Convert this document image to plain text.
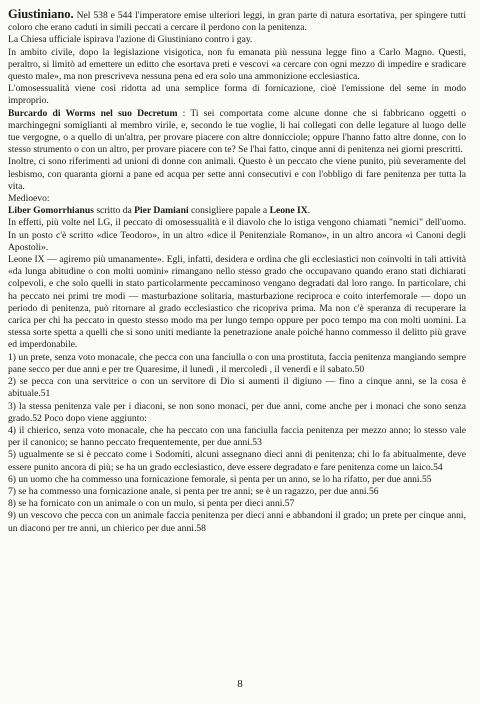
Giustiniano. Nel 538 e 544 l'imperatore emise ulteriori leggi, in gran parte di natura esortativa, per spingere tutti coloro che erano caduti in simili peccati a cercare il perdono con la penitenza.

La Chiesa ufficiale ispirava l'azione di Giustiniano contro i gay.

In ambito civile, dopo la legislazione visigotica, non fu emanata più nessuna legge fino a Carlo Magno. Questi, peraltro, si limitò ad emettere un editto che esortava preti e vescovi «a cercare con ogni mezzo di impedire e sradicare questo male», ma non prescriveva nessuna pena ed era solo una ammonizione ecclesiastica.

L'omosessualità viene così ridotta ad una semplice forma di fornicazione, cioè l'emissione del seme in modo improprio.

Burcardo di Worms nel suo Decretum : Ti sei comportata come alcune donne che si fabbricano oggetti o marchingegni somiglianti al membro virile, e, secondo le tue voglie, li hai collegati con delle legature al luogo delle tue vergogne, o a quello di un'altra, per provare piacere con altre donnicciole; oppure l'hanno fatto altre donne, con lo stesso strumento o con un altro, per provare piacere con te? Se l'hai fatto, cinque anni di penitenza nei giorni prescritti.

Inoltre, ci sono riferimenti ad unioni di donne con animali. Questo è un peccato che viene punito, più severamente del lesbismo, con quaranta giorni a pane ed acqua per sette anni consecutivi e con l'obbligo di fare penitenza per tutta la vita.

Medioevo:

Liber Gomorrhianus scritto da Pier Damiani consigliere papale a Leone IX.

In effetti, più volte nel LG, il peccato di omosessualità e il diavolo che lo istiga vengono chiamati "nemici" dell'uomo. In un posto c'è scritto «dice Teodoro», in un altro «dice il Penitenziale Romano», in un altro ancora «i Canoni degli Apostoli».

Leone IX — agiremo più umanamente». Egli, infatti, desidera e ordina che gli ecclesiastici non coinvolti in tali attività «da lunga abitudine o con molti uomini» rimangano nello stesso grado che occupavano quando erano stati dichiarati colpevoli, e che solo quelli in stato particolarmente peccaminoso vengano degradati dal loro rango. In particolare, chi ha peccato nei primi tre modi — masturbazione solitaria, masturbazione reciproca e coito interfemorale — dopo un periodo di penitenza, può ritornare al grado ecclesiastico che ricopriva prima. Ma non c'è speranza di recuperare la carica per chi ha peccato in questo stesso modo ma per lungo tempo oppure per poco tempo ma con molti uomini. La stessa sorte spetta a quelli che si sono uniti mediante la penetrazione anale poiché hanno commesso il delitto più grave ed imperdonabile.

1) un prete, senza voto monacale, che pecca con una fanciulla o con una prostituta, faccia penitenza mangiando sempre pane secco per due anni e per tre Quaresime, il lunedì , il mercoledì , il venerdì e il sabato.50

2) se pecca con una servitrice o con un servitore di Dio si aumenti il digiuno — fino a cinque anni, se la cosa è abituale.51

3) la stessa penitenza vale per i diaconi, se non sono monaci, per due anni, come anche per i monaci che sono senza grado.52 Poco dopo viene aggiunto:

4) il chierico, senza voto monacale, che ha peccato con una fanciulla faccia penitenza per mezzo anno; lo stesso vale per il canonico; se hanno peccato frequentemente, per due anni.53

5) ugualmente se si è peccato come i Sodomiti, alcuni assegnano dieci anni di penitenza; chi lo fa abitualmente, deve essere punito ancora di più; se ha un grado ecclesiastico, deve essere degradato e fare penitenza come un laico.54

6) un uomo che ha commesso una fornicazione femorale, si penta per un anno, se lo ha rifatto, per due anni.55

7) se ha commesso una fornicazione anale, si penta per tre anni; se è un ragazzo, per due anni.56

8) se ha fornicato con un animale o con un mulo, si penta per dieci anni.57

9) un vescovo che pecca con un animale faccia penitenza per dieci anni e abbandoni il grado; un prete per cinque anni, un diacono per tre anni, un chierico per due anni.58

8
